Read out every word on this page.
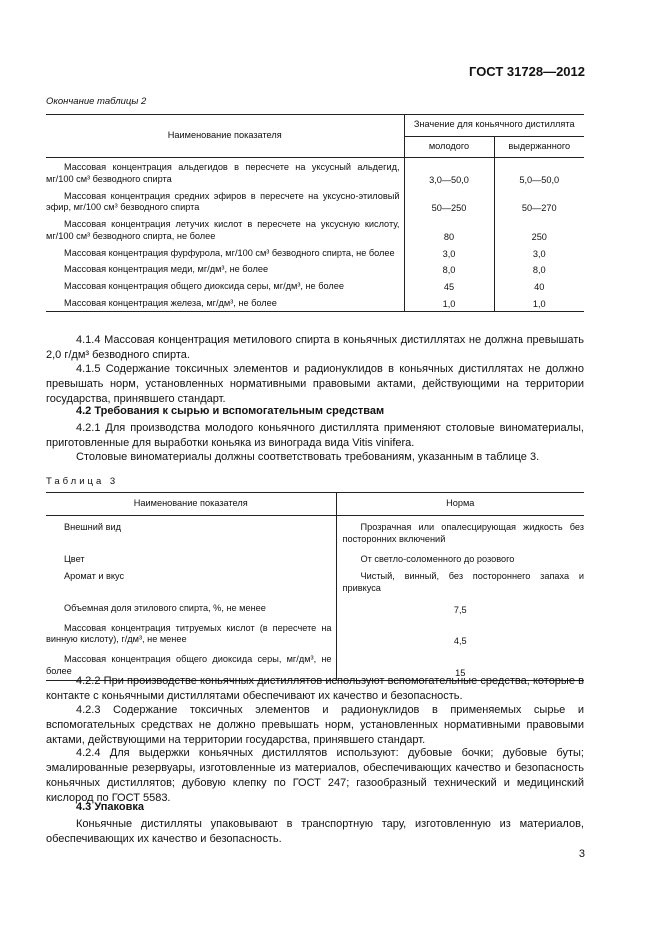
ГОСТ 31728—2012
Окончание таблицы 2
Наименование показателя	Значение для коньячного дистиллята	
	молодого	выдержанного
Массовая концентрация альдегидов в пересчете на уксусный альдегид, мг/100 см³ безводного спирта	3,0—50,0	5,0—50,0
Массовая концентрация средних эфиров в пересчете на уксусно-этиловый эфир, мг/100 см³ безводного спирта	50—250	50—270
Массовая концентрация летучих кислот в пересчете на уксусную кислоту, мг/100 см³ безводного спирта, не более	80	250
Массовая концентрация фурфурола, мг/100 см³ безводного спирта, не более	3,0	3,0
Массовая концентрация меди, мг/дм³, не более	8,0	8,0
Массовая концентрация общего диоксида серы, мг/дм³, не более	45	40
Массовая концентрация железа, мг/дм³, не более	1,0	1,0
4.1.4 Массовая концентрация метилового спирта в коньячных дистиллятах не должна превышать 2,0 г/дм³ безводного спирта.
4.1.5 Содержание токсичных элементов и радионуклидов в коньячных дистиллятах не должно превышать норм, установленных нормативными правовыми актами, действующими на территории государства, принявшего стандарт.
4.2 Требования к сырью и вспомогательным средствам
4.2.1 Для производства молодого коньячного дистиллята применяют столовые виноматериалы, приготовленные для выработки коньяка из винограда вида Vitis vinifera.
Столовые виноматериалы должны соответствовать требованиям, указанным в таблице 3.
Таблица 3
Наименование показателя	Норма
Внешний вид	Прозрачная или опалесцирующая жидкость без посторонних включений
Цвет	От светло-соломенного до розового
Аромат и вкус	Чистый, винный, без постороннего запаха и привкуса
Объемная доля этилового спирта, %, не менее	7,5
Массовая концентрация титруемых кислот (в пересчете на винную кислоту), г/дм³, не менее	4,5
Массовая концентрация общего диоксида серы, мг/дм³, не более	15
4.2.2 При производстве коньячных дистиллятов используют вспомогательные средства, которые в контакте с коньячными дистиллятами обеспечивают их качество и безопасность.
4.2.3 Содержание токсичных элементов и радионуклидов в применяемых сырье и вспомогательных средствах не должно превышать норм, установленных нормативными правовыми актами, действующими на территории государства, принявшего стандарт.
4.2.4 Для выдержки коньячных дистиллятов используют: дубовые бочки; дубовые буты; эмалированные резервуары, изготовленные из материалов, обеспечивающих качество и безопасность коньячных дистиллятов; дубовую клепку по ГОСТ 247; газообразный технический и медицинский кислород по ГОСТ 5583.
4.3 Упаковка
Коньячные дистилляты упаковывают в транспортную тару, изготовленную из материалов, обеспечивающих их качество и безопасность.
3
